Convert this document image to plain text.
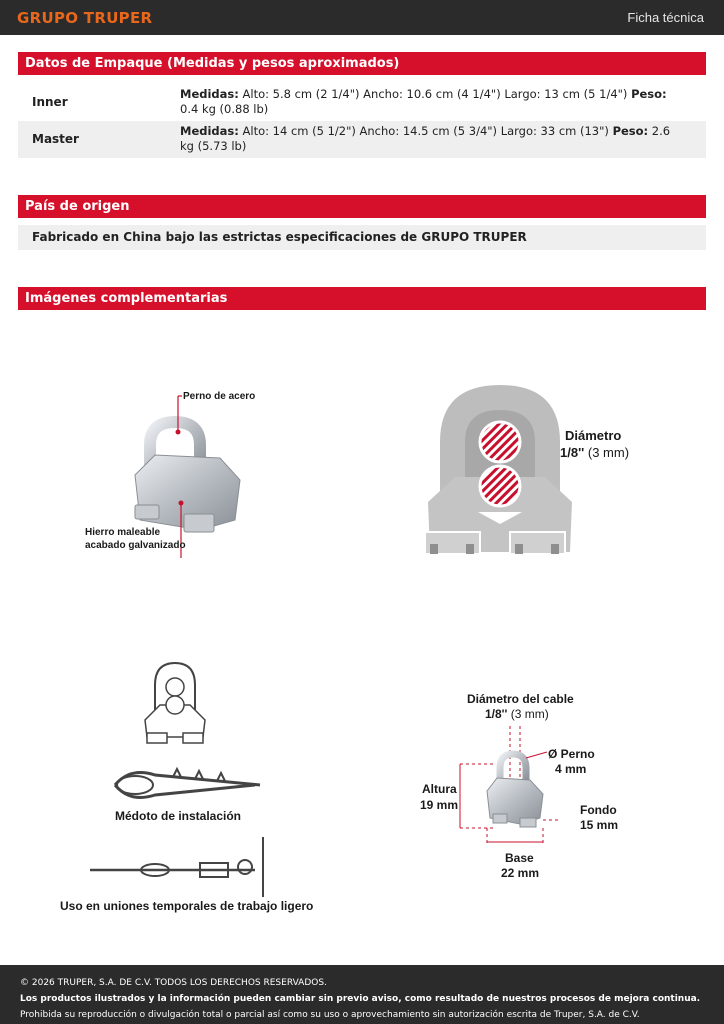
GRUPO TRUPER	Ficha técnica
Datos de Empaque (Medidas y pesos aproximados)
Inner
Medidas: Alto: 5.8 cm (2 1/4") Ancho: 10.6 cm (4 1/4") Largo: 13 cm (5 1/4") Peso: 0.4 kg (0.88 lb)
Master
Medidas: Alto: 14 cm (5 1/2") Ancho: 14.5 cm (5 3/4") Largo: 33 cm (13") Peso: 2.6 kg (5.73 lb)
País de origen
Fabricado en China bajo las estrictas especificaciones de GRUPO TRUPER
Imágenes complementarias
Perno de acero
Hierro maleable
acabado galvanizado
Diámetro
1/8'' (3 mm)
Médoto de instalación
Uso en uniones temporales de trabajo ligero
Diámetro del cable
1/8'' (3 mm)
Ø Perno
4 mm
Altura
19 mm	Fondo
15 mm
Base
22 mm
© 2026 TRUPER, S.A. DE C.V. TODOS LOS DERECHOS RESERVADOS.
Los productos ilustrados y la información pueden cambiar sin previo aviso, como resultado de nuestros procesos de mejora continua.
Prohibida su reproducción o divulgación total o parcial así como su uso o aprovechamiento sin autorización escrita de Truper, S.A. de C.V.
